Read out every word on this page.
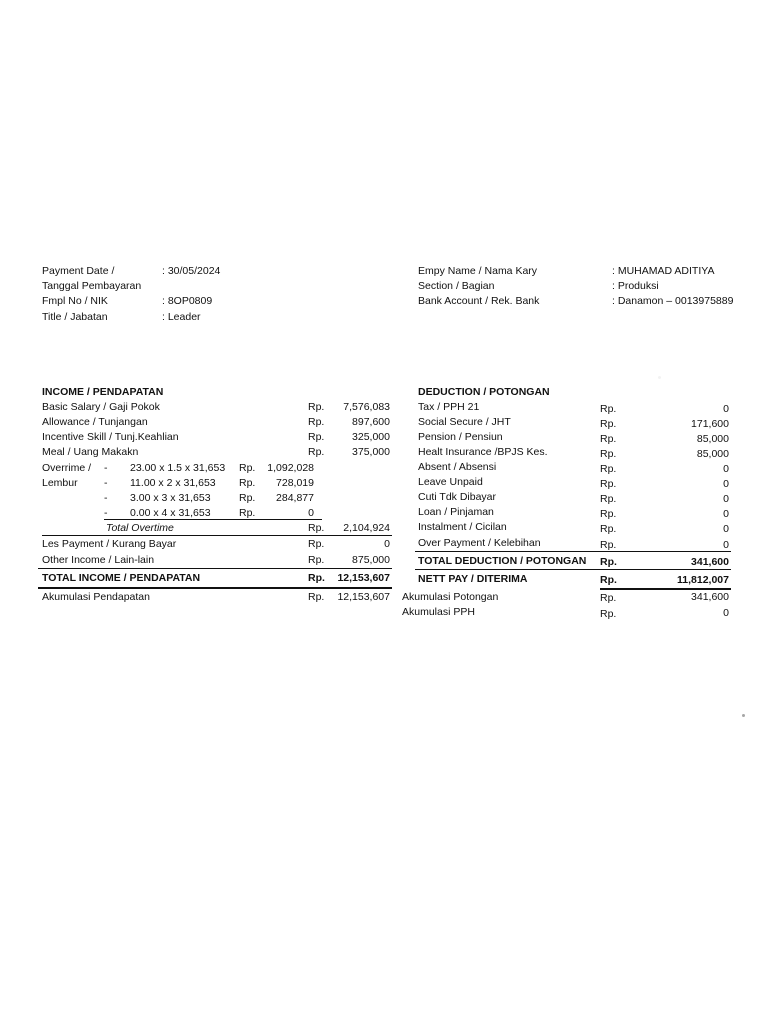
Payment Date /	: 30/05/2024
Tanggal Pembayaran
Fmpl No / NIK	: 8OP0809
Title / Jabatan	: Leader
Empy Name / Nama Kary	: MUHAMAD ADITIYA
Section / Bagian	: Produksi
Bank Account / Rek. Bank	: Danamon – 0013975889
INCOME / PENDAPATAN
Basic Salary / Gaji Pokok	Rp.	7,576,083
Allowance / Tunjangan	Rp.	897,600
Incentive Skill / Tunj.Keahlian	Rp.	325,000
Meal / Uang Makakn	Rp.	375,000
Overrime /
Lembur
- 23.00 x 1.5 x 31,653 Rp.	1,092,028
- 11.00 x 2 x 31,653 Rp.	728,019
- 3.00 x 3 x 31,653	Rp.	284,877
- 0.00 x 4 x 31,653	Rp.	0
Total Overtime	Rp.	2,104,924
Les Payment / Kurang Bayar	Rp.	0
Other Income / Lain-lain	Rp.	875,000
TOTAL INCOME / PENDAPATAN	Rp.	12,153,607
Akumulasi Pendapatan	Rp.	12,153,607
DEDUCTION / POTONGAN
Tax / PPH 21	Rp.	0
Social Secure / JHT	Rp.	171,600
Pension / Pensiun	Rp.	85,000
Healt Insurance /BPJS Kes.	Rp.	85,000
Absent / Absensi	Rp.	0
Leave Unpaid	Rp.	0
Cuti Tdk Dibayar	Rp.	0
Loan / Pinjaman	Rp.	0
Instalment / Cicilan	Rp.	0
Over Payment / Kelebihan	Rp.	0
TOTAL DEDUCTION / POTONGAN Rp.	341,600
NETT PAY / DITERIMA	Rp.	11,812,007
Akumulasi Potongan	Rp.	341,600
Akumulasi PPH	Rp.	0
